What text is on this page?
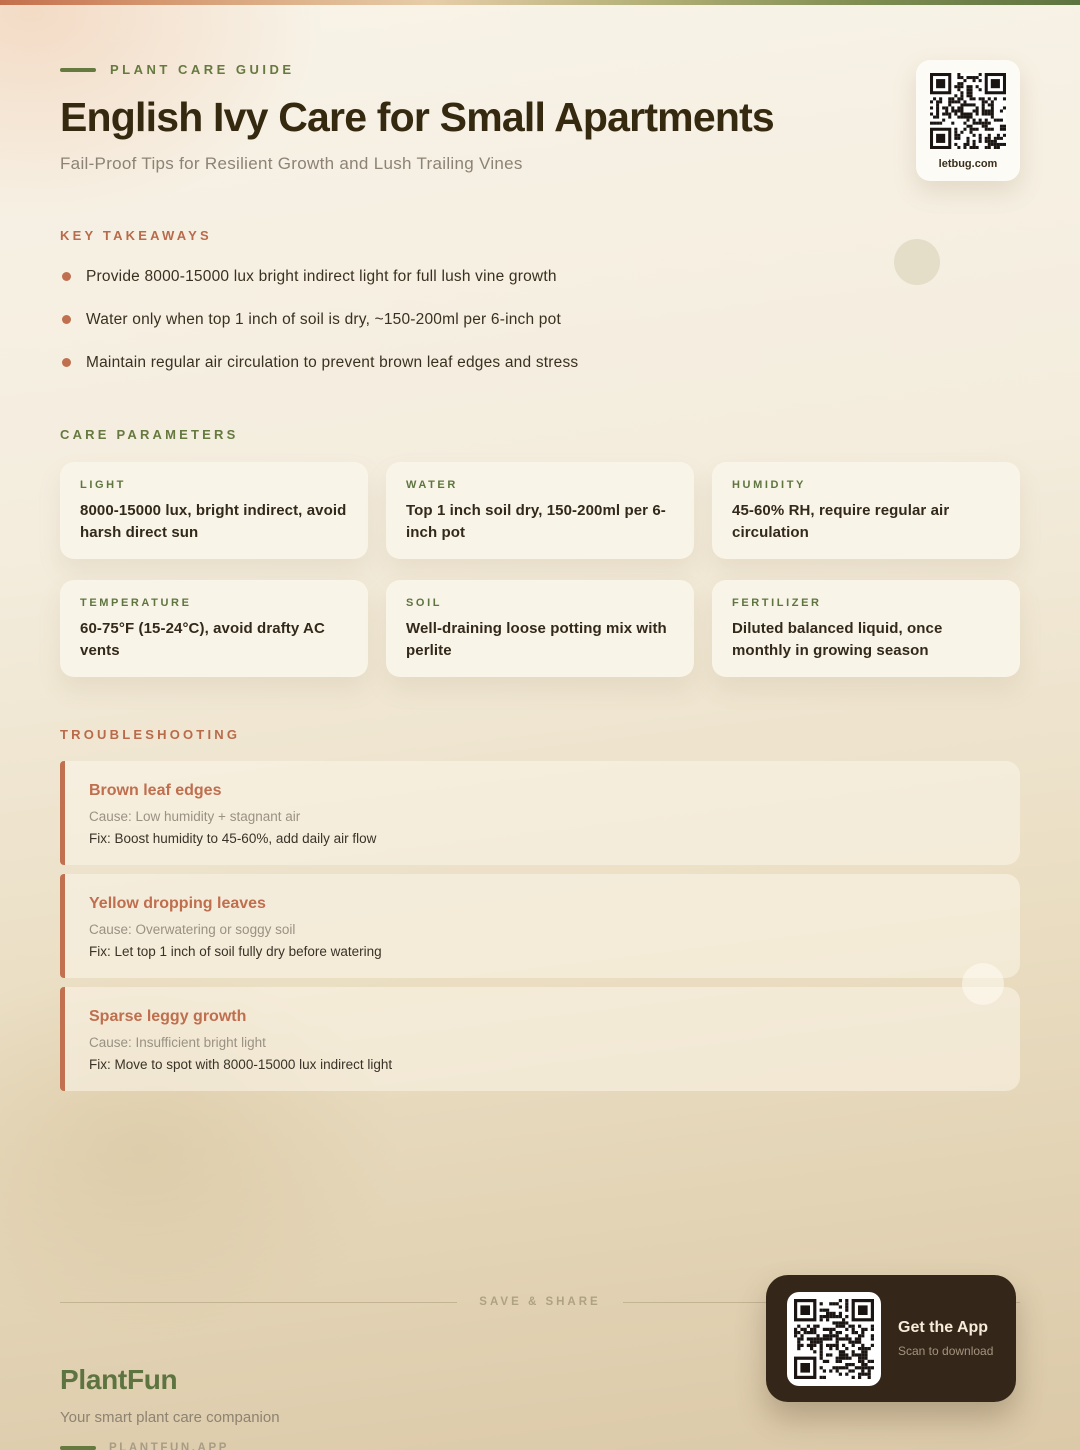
PLANT CARE GUIDE
English Ivy Care for Small Apartments
Fail-Proof Tips for Resilient Growth and Lush Trailing Vines	letbug.com
KEY TAKEAWAYS
Provide 8000-15000 lux bright indirect light for full lush vine growth
Water only when top 1 inch of soil is dry, ~150-200ml per 6-inch pot
Maintain regular air circulation to prevent brown leaf edges and stress
CARE PARAMETERS
LIGHT
8000-15000 lux, bright indirect, avoid harsh direct sun
WATER
Top 1 inch soil dry, 150-200ml per 6-inch pot
HUMIDITY
45-60% RH, require regular air circulation
TEMPERATURE
60-75°F (15-24°C), avoid drafty AC vents
SOIL
Well-draining loose potting mix with perlite
FERTILIZER
Diluted balanced liquid, once monthly in growing season
TROUBLESHOOTING
Brown leaf edges
Cause: Low humidity + stagnant air
Fix: Boost humidity to 45-60%, add daily air flow
Yellow dropping leaves
Cause: Overwatering or soggy soil
Fix: Let top 1 inch of soil fully dry before watering
Sparse leggy growth
Cause: Insufficient bright light
Fix: Move to spot with 8000-15000 lux indirect light
SAVE & SHARE
PlantFun
Your smart plant care companion
PLANTFUN.APP
Get the App
Scan to download
